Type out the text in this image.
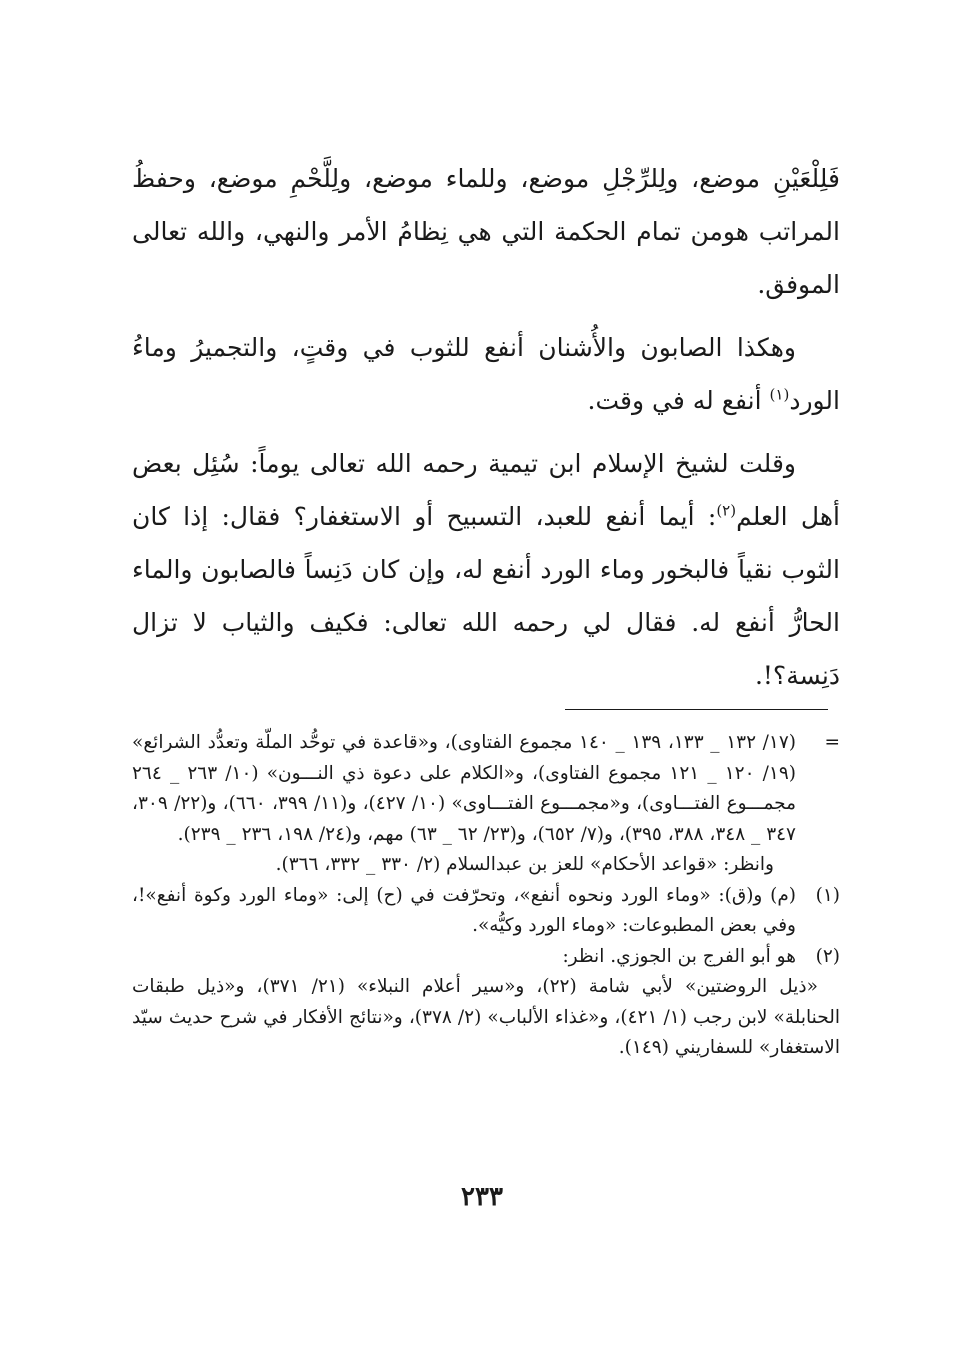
فَلِلْعَيْنِ موضع، ولِلرِّجْلِ موضع، وللماء موضع، ولِلَّحْمِ موضع، وحفظُ المراتب هومن تمام الحكمة التي هي نِظامُ الأمر والنهي، والله تعالى الموفق.

وهكذا الصابون والأُشنان أنفع للثوب في وقتٍ، والتجميرُ وماءُ الورد$^{(١)}$ أنفع له في وقت.

وقلت لشيخ الإسلام ابن تيمية رحمه الله تعالى يوماً: سُئِل بعض أهل العلم$^{(٢)}$: أيما أنفع للعبد، التسبيح أو الاستغفار؟ فقال: إذا كان الثوب نقياً فالبخور وماء الورد أنفع له، وإن كان دَنِساً فالصابون والماء الحارُّ أنفع له. فقال لي رحمه الله تعالى: فكيف والثياب لا تزال دَنِسة؟!.

=

(١٧/ ١٣٢ _ ١٣٣، ١٣٩ _ ١٤٠ مجموع الفتاوى)، و«قاعدة في توحُّد الملّة وتعدُّد الشرائع» (١٩/ ١٢٠ _ ١٢١ مجموع الفتاوى)، و«الكلام على دعوة ذي النـــون» (١٠/ ٢٦٣ _ ٢٦٤ مجمـــوع الفتـــاوى)، و«مجمـــوع الفتـــاوى» (١٠/ ٤٢٧)، و(١١/ ٣٩٩، ٦٦٠)، و(٢٢/ ٣٠٩، ٣٤٧ _ ٣٤٨، ٣٨٨، ٣٩٥)، و(٧/ ٦٥٢)، و(٢٣/ ٦٢ _ ٦٣) مهم، و(٢٤/ ١٩٨، ٢٣٦ _ ٢٣٩).

وانظر: «قواعد الأحكام» للعز بن عبدالسلام (٢/ ٣٣٠ _ ٣٣٢، ٣٦٦).

(١)

(م) و(ق): «وماء الورد ونحوه أنفع»، وتحرّفت في (ح) إلى: «وماء الورد وكوة أنفع»!، وفي بعض المطبوعات: «وماء الورد وكيُّه».

(٢)

هو أبو الفرج بن الجوزي. انظر:

«ذيل الروضتين» لأبي شامة (٢٢)، و«سير أعلام النبلاء» (٢١/ ٣٧١)، و«ذيل طبقات الحنابلة» لابن رجب (١/ ٤٢١)، و«غذاء الألباب» (٢/ ٣٧٨)، و«نتائج الأفكار في شرح حديث سيّد الاستغفار» للسفاريني (١٤٩).

٢٣٣
